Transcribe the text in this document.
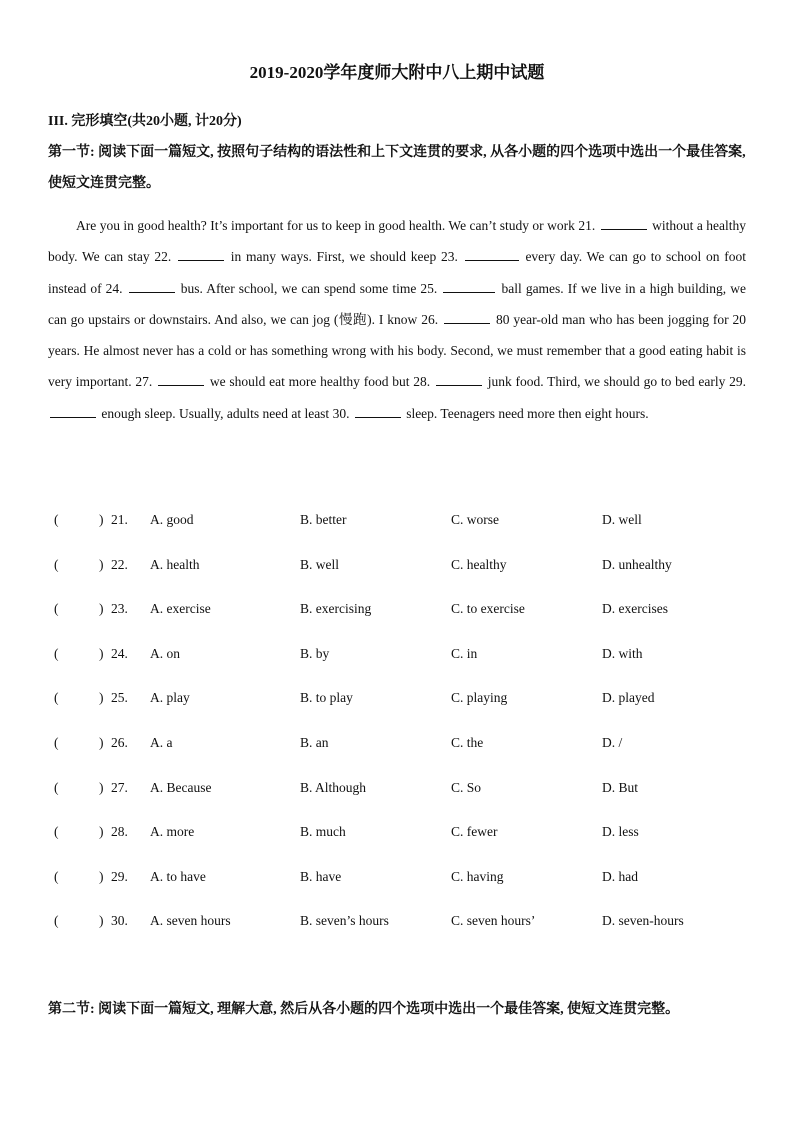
2019-2020学年度师大附中八上期中试题
III. 完形填空(共20小题, 计20分)
第一节: 阅读下面一篇短文, 按照句子结构的语法性和上下文连贯的要求, 从各小题的四个选项中选出一个最佳答案, 使短文连贯完整。
Are you in good health? It’s important for us to keep in good health. We can’t study or work 21.	without a healthy body. We can stay 22.	in many ways. First, we should keep 23.	every day. We can go to school on foot instead of 24.	bus. After school, we can spend some time 25.	ball games. If we live in a high building, we can go upstairs or downstairs. And also, we can jog (慢跑). I know 26.	80 year-old man who has been jogging for 20 years. He almost never has a cold or has something wrong with his body. Second, we must remember that a good eating habit is very important. 27.	we should eat more healthy food but 28.	junk food. Third, we should go to bed early 29.  enough sleep. Usually, adults need at least 30.	sleep. Teenagers need more then eight hours.
(	) 21. A. good	B. better	C. worse	D. well
(	) 22. A. health	B. well	C. healthy	D. unhealthy
(	) 23. A. exercise	B. exercising	C. to exercise	D. exercises
(	) 24. A. on	B. by	C. in	D. with
(	) 25. A. play	B. to play	C. playing	D. played
(	) 26. A. a	B. an	C. the	D. /
(	) 27. A. Because	B. Although	C. So	D. But
(	) 28. A. more	B. much	C. fewer	D. less
(	) 29. A. to have	B. have	C. having	D. had
(	) 30. A. seven hours	B. seven’s hours	C. seven hours’	D. seven-hours
第二节: 阅读下面一篇短文, 理解大意, 然后从各小题的四个选项中选出一个最佳答案, 使短文连贯完整。
